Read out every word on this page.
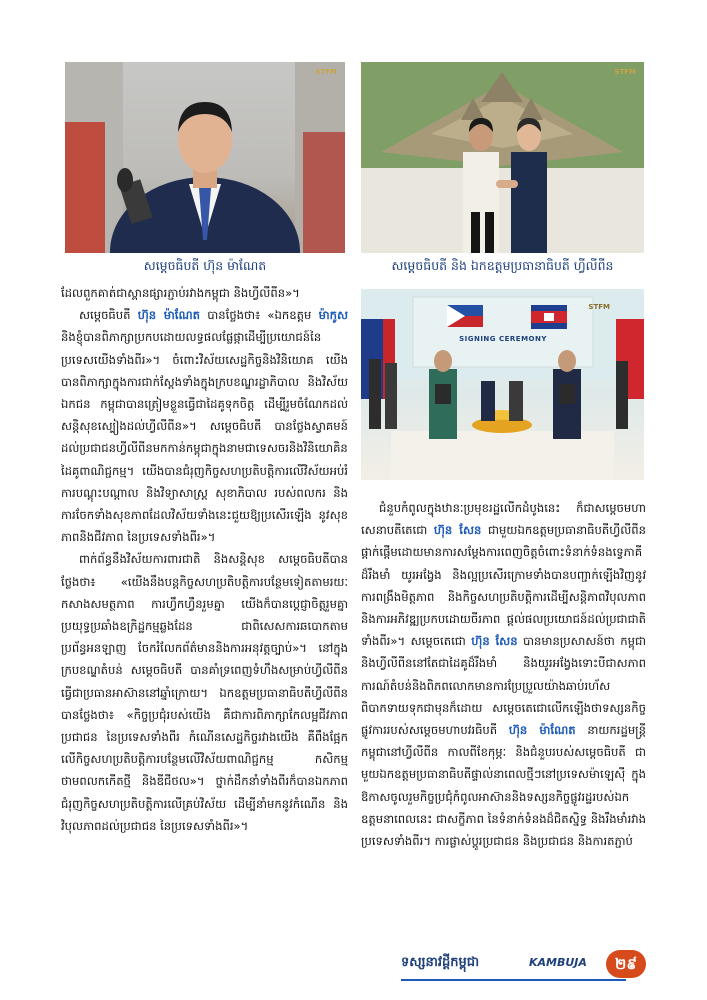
STFM	STFM
SIGNING CEREMONY
STFM
សម្តេចធិបតី ហ៊ុន ម៉ាណែត	សម្តេចធិបតី និង ឯកឧត្តមប្រធានាធិបតី ហ្វីលីពីន

ដែលពួកគាត់ជាស្ពានផ្សារភ្ជាប់រវាងកម្ពុជា និងហ្វីលីពីន»។

សម្តេចធិបតី ហ៊ុន ម៉ាណែត បានថ្លែងថា៖ «ឯកឧត្តម ម៉ាកូស និងខ្ញុំបានពិភាក្សាប្រកបដោយលទ្ធផលផ្លែផ្កាដើម្បីប្រយោជន៍នៃប្រទេសយើងទាំងពីរ»។ ចំពោះវិស័យសេដ្ឋកិច្ចនិងវិនិយោគ យើងបានពិភាក្សាក្នុងការជាក់ស្តែងទាំងក្នុងក្របខណ្ឌរដ្ឋាភិបាល និងវិស័យឯកជន កម្ពុជាបានត្រៀមខ្លួនធ្វើជាដៃគូទុកចិត្ត ដើម្បីរួមចំណែកដល់សន្តិសុខស្បៀងដល់ហ្វីលីពីន»។ សម្តេចធិបតី បានថ្លែងស្វាគមន៍ ដល់ប្រជាជនហ្វីលីពីនមកកាន់កម្ពុជាក្នុងនាមជាទេសចរនិងវិនិយោគិន ដៃគូពាណិជ្ជកម្ម។ យើងបានជំរុញកិច្ចសហប្រតិបត្តិការលើវិស័យអប់រំ ការបណ្តុះបណ្តាល និងវិទ្យាសាស្ត្រ សុខាភិបាល របស់ពលករ និងការចែកទាំងសុខភាពដែលវិស័យទាំងនេះជួយឱ្យប្រសើរឡើង នូវសុខភាពនិងជីវភាព នៃប្រទេសទាំងពីរ»។

ពាក់ព័ន្ធនឹងវិស័យការពារជាតិ និងសន្តិសុខ សម្តេចធិបតីបានថ្លែងថា៖ «យើងនឹងបន្តកិច្ចសហប្រតិបត្តិការបន្ថែមទៀតតាមរយៈកសាងសមត្ថភាព ការហ្វឹកហ្វឺនរួមគ្នា យើងក៏បានប្តេជ្ញាចិត្តរួមគ្នា ប្រយុទ្ធប្រឆាំងឧក្រិដ្ឋកម្មឆ្លងដែន ជាពិសេសការឆបោកតាមប្រព័ន្ធអនឡាញ ចែករំលែកព័ត៌មាននិងការអនុវត្តច្បាប់»។ នៅក្នុងក្របខណ្ឌតំបន់ សម្តេចធិបតី បានគាំទ្រពេញទំហឹងសម្រាប់ហ្វីលីពីន ធ្វើជាប្រធានអាស៊ាននៅឆ្នាំក្រោយ។ ឯកឧត្តមប្រធានាធិបតីហ្វីលីពីន បានថ្លែងថា៖ «កិច្ចប្រជុំរបស់យើង គឺជាការពិភាក្សាកែលម្អជីវភាពប្រជាជន នៃប្រទេសទាំងពីរ កំណើនសេដ្ឋកិច្ចរវាងយើង គឺពឹងផ្អែកលើកិច្ចសហប្រតិបត្តិការបន្ថែមលើវិស័យពាណិជ្ជកម្ម កសិកម្ម ថាមពលកកើតថ្មី និងឌីជីថល»។ ថ្នាក់ដឹកនាំទាំងពីរក៏បានឯកភាពជំរុញកិច្ចសហប្រតិបត្តិការលើគ្រប់វិស័យ ដើម្បីនាំមកនូវកំណើន និងវិបុលភាពដល់ប្រជាជន នៃប្រទេសទាំងពីរ»។

ជំនួបកំពូលក្នុងឋានៈប្រមុខរដ្ឋលើកដំបូងនេះ ក៏ជាសម្តេចមហាសេនាបតីតេជោ ហ៊ុន សែន ជាមួយឯកឧត្តមប្រធានាធិបតីហ្វីលីពីន ផ្តាក់ផ្តើមដោយមានការសម្តែងការពេញចិត្តចំពោះទំនាក់ទំនងទ្វេភាគីដ៏រឹងមាំ យូរអង្វែង និងល្អប្រសើរក្រោមទាំងបានបញ្ជាក់ឡើងវិញនូវការពង្រឹងមិត្តភាព និងកិច្ចសហប្រតិបត្តិការដើម្បីសន្តិភាពវិបុលភាព និងការអភិវឌ្ឍប្រកបដោយចីរភាព ផ្តល់ផលប្រយោជន៍ដល់ប្រជាជាតិទាំងពីរ»។ សម្តេចតេជោ ហ៊ុន សែន បានមានប្រសាសន៍ថា កម្ពុជានិងហ្វីលីពីននៅតែជាដៃគូដ៏រឹងមាំ និងយូរអង្វែងទោះបីជាសភាពការណ៍តំបន់និងពិភពលោកមានការប្រែប្រួលយ៉ាងឆាប់រហ័ស ពិបាកទាយទុកជាមុនក៏ដោយ សម្តេចតេជោលើកឡើងថាទស្សនកិច្ចផ្លូវការរបស់សម្តេចមហាបវរធិបតី ហ៊ុន ម៉ាណែត នាយករដ្ឋមន្ត្រីកម្ពុជានៅហ្វីលីពីន កាលពីខែកុម្ភៈ និងជំនួបរបស់សម្តេចធិបតី ជាមួយឯកឧត្តមប្រធានាធិបតីផ្ទាល់នាពេលថ្មីៗនៅប្រទេសម៉ាឡេស៊ី ក្នុងឱកាសចូលរួមកិច្ចប្រជុំកំពូលអាស៊ាននិងទស្សនកិច្ចផ្លូវរដ្ឋរបស់ឯកឧត្តមនាពេលនេះ ជាសក្ខីភាព នៃទំនាក់ទំនងដ៏ជិតស្និទ្ធ និងរឹងមាំរវាងប្រទេសទាំងពីរ។ ការផ្លាស់ប្តូរប្រជាជន និងប្រជាជន និងការតភ្ជាប់

ទស្សនាវដ្តីកម្ពុជា	KAMBUJA	២៩
